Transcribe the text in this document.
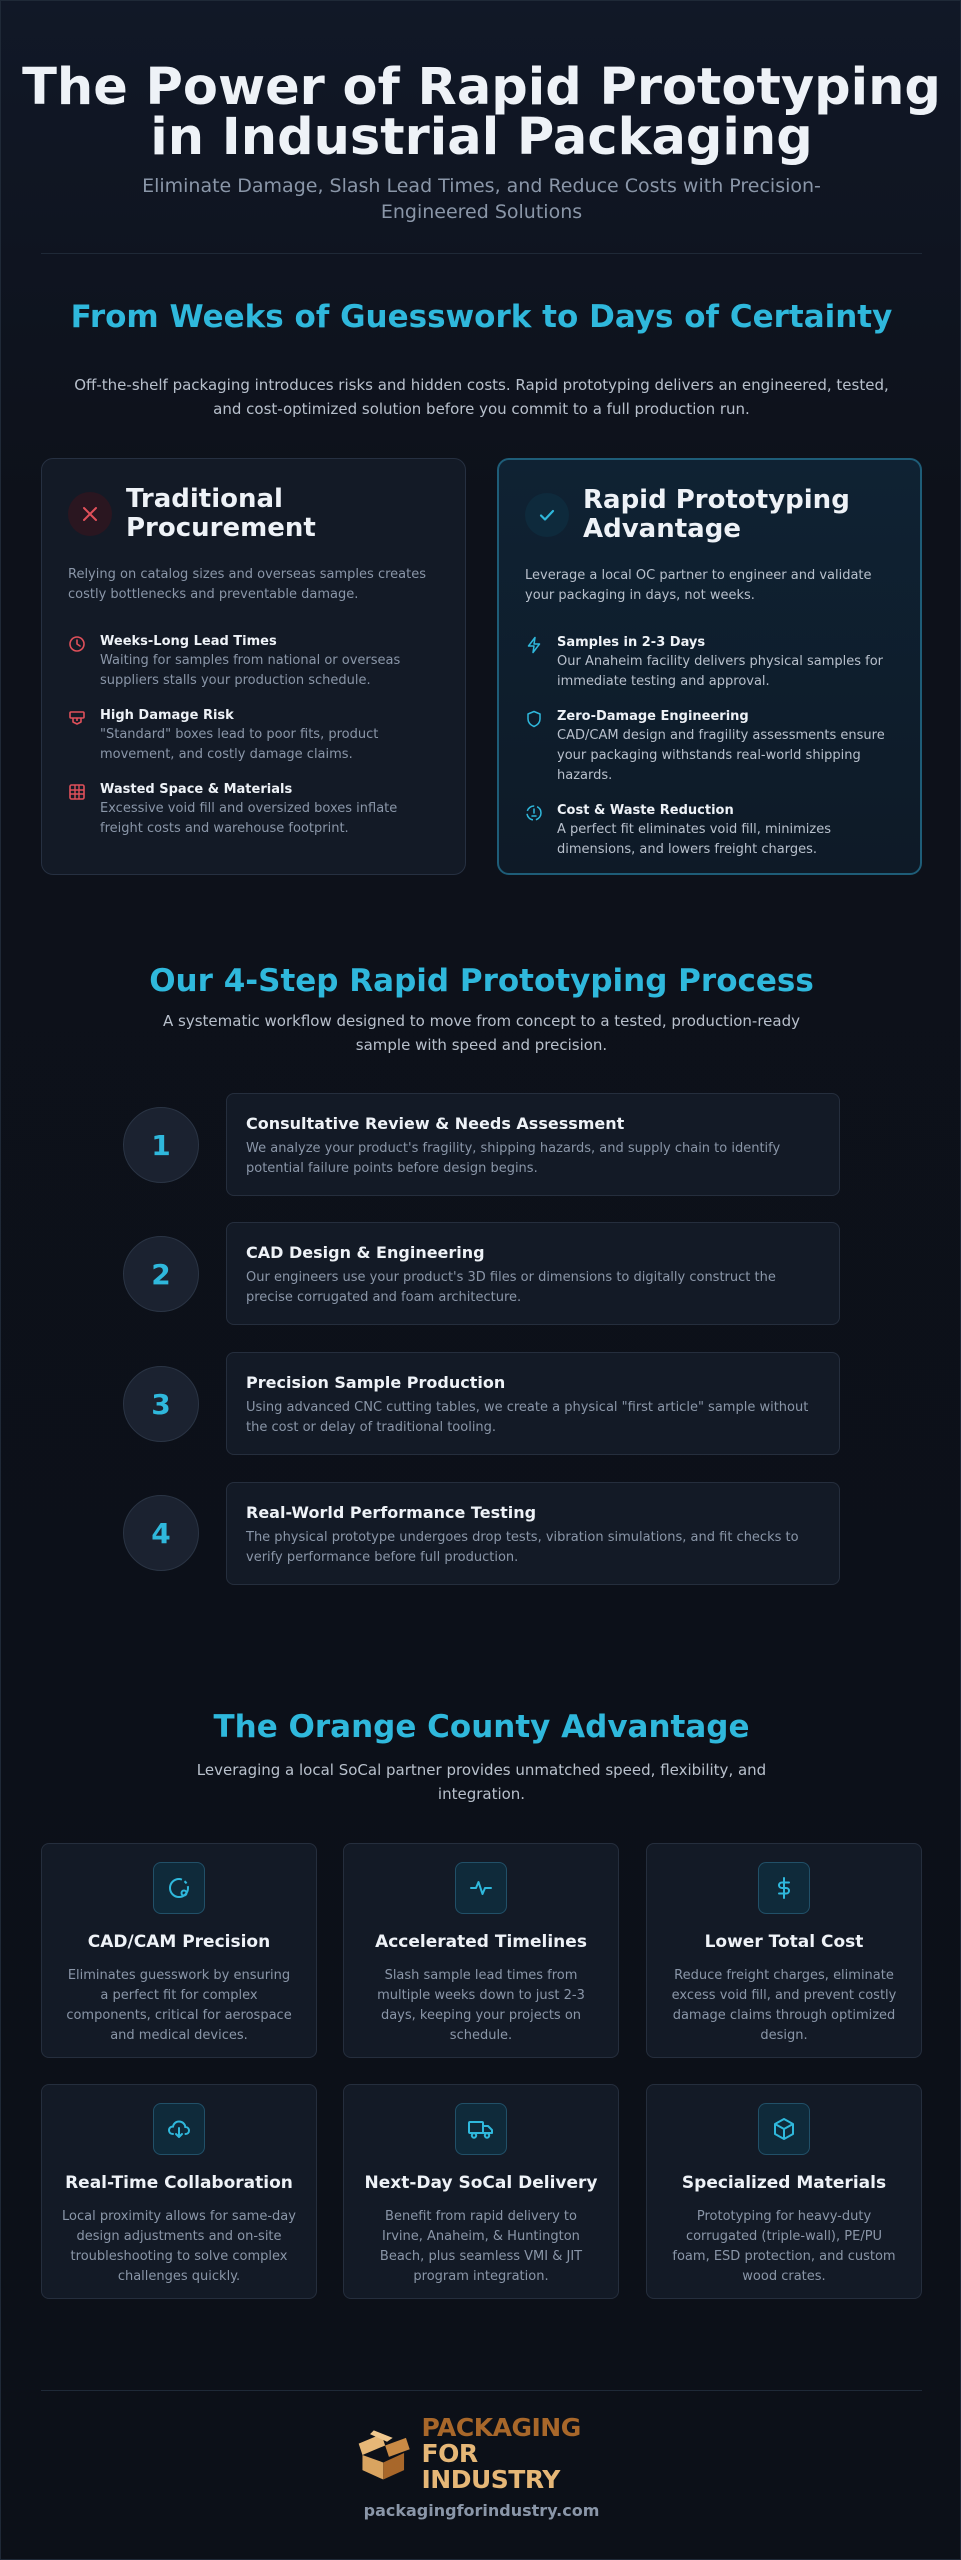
The Power of Rapid Prototyping
in Industrial Packaging
Eliminate Damage, Slash Lead Times, and Reduce Costs with Precision-Engineered Solutions
From Weeks of Guesswork to Days of Certainty
Off-the-shelf packaging introduces risks and hidden costs. Rapid prototyping delivers an engineered, tested, and cost-optimized solution before you commit to a full production run.
Traditional Procurement
Relying on catalog sizes and overseas samples creates costly bottlenecks and preventable damage.
Weeks-Long Lead Times
Waiting for samples from national or overseas suppliers stalls your production schedule.
High Damage Risk
"Standard" boxes lead to poor fits, product movement, and costly damage claims.
Wasted Space & Materials
Excessive void fill and oversized boxes inflate freight costs and warehouse footprint.
Rapid Prototyping Advantage
Leverage a local OC partner to engineer and validate your packaging in days, not weeks.
Samples in 2-3 Days
Our Anaheim facility delivers physical samples for immediate testing and approval.
Zero-Damage Engineering
CAD/CAM design and fragility assessments ensure your packaging withstands real-world shipping hazards.
Cost & Waste Reduction
A perfect fit eliminates void fill, minimizes dimensions, and lowers freight charges.
Our 4-Step Rapid Prototyping Process
A systematic workflow designed to move from concept to a tested, production-ready sample with speed and precision.
1
Consultative Review & Needs Assessment
We analyze your product's fragility, shipping hazards, and supply chain to identify potential failure points before design begins.
2
CAD Design & Engineering
Our engineers use your product's 3D files or dimensions to digitally construct the precise corrugated and foam architecture.
3
Precision Sample Production
Using advanced CNC cutting tables, we create a physical "first article" sample without the cost or delay of traditional tooling.
4
Real-World Performance Testing
The physical prototype undergoes drop tests, vibration simulations, and fit checks to verify performance before full production.
The Orange County Advantage
Leveraging a local SoCal partner provides unmatched speed, flexibility, and integration.
CAD/CAM Precision
Eliminates guesswork by ensuring a perfect fit for complex components, critical for aerospace and medical devices.
Accelerated Timelines
Slash sample lead times from multiple weeks down to just 2-3 days, keeping your projects on schedule.
Lower Total Cost
Reduce freight charges, eliminate excess void fill, and prevent costly damage claims through optimized design.
Real-Time Collaboration
Local proximity allows for same-day design adjustments and on-site troubleshooting to solve complex challenges quickly.
Next-Day SoCal Delivery
Benefit from rapid delivery to Irvine, Anaheim, & Huntington Beach, plus seamless VMI & JIT program integration.
Specialized Materials
Prototyping for heavy-duty corrugated (triple-wall), PE/PU foam, ESD protection, and custom wood crates.
PACKAGING
FOR INDUSTRY
packagingforindustry.com
